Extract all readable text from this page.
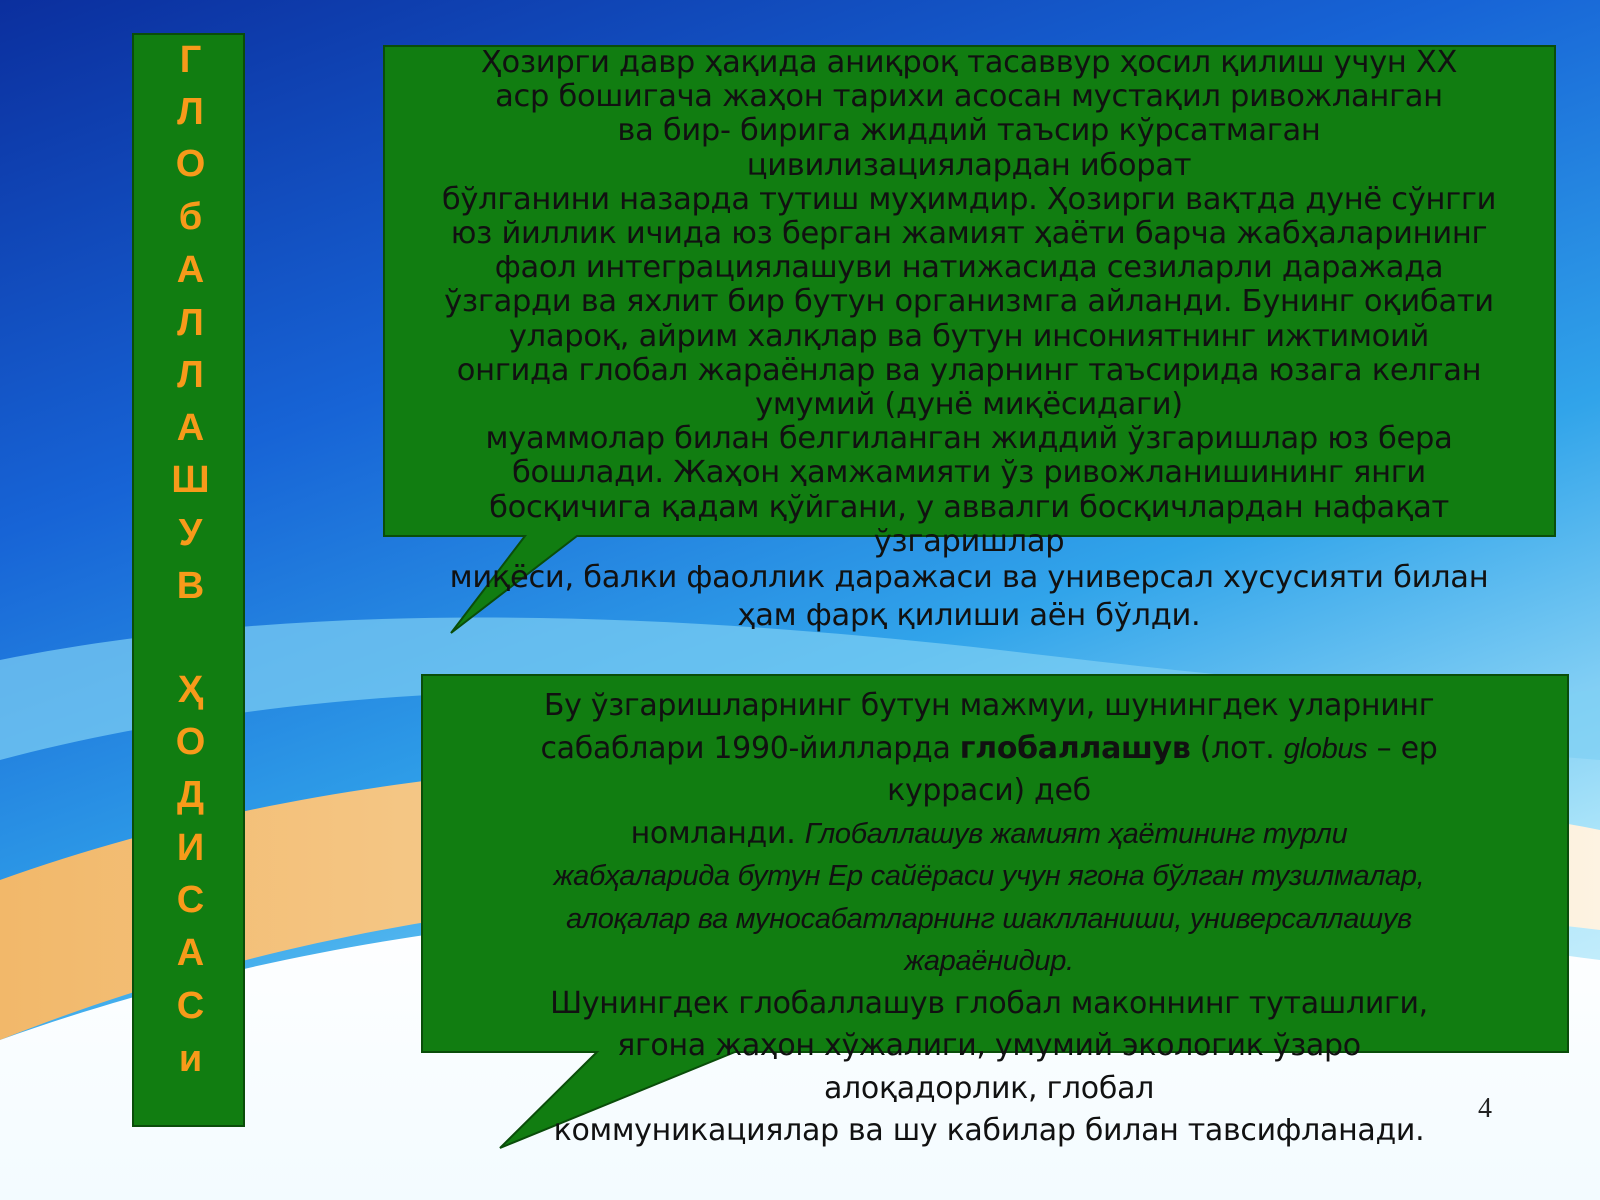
Г
Л
О
б
А
Л
Л
А
Ш
У
В
Ҳ
О
Д
И
С
А
С
и
Ҳозирги давр ҳақида аниқроқ тасаввур ҳосил қилиш учун XX
аср бошигача жаҳон тарихи асосан мустақил ривожланган
ва бир- бирига жиддий таъсир кўрсатмаган
цивилизациялардан иборат
бўлганини назарда тутиш муҳимдир. Ҳозирги вақтда дунё сўнгги
юз йиллик ичида юз берган жамият ҳаёти барча жабҳаларининг
фаол интеграциялашуви натижасида сезиларли даражада
ўзгарди ва яхлит бир бутун организмга айланди. Бунинг оқибати
уларoқ, айрим халқлар ва бутун инсониятнинг ижтимоий
онгида глобал жараёнлар ва уларнинг таъсирида юзага келган
умумий (дунё миқёсидаги)
муаммолар билан белгиланган жиддий ўзгаришлар юз бера
бошлади. Жаҳон ҳамжамияти ўз ривожланишининг янги
босқичига қадам қўйгани, у аввалги босқичлардан нафақат
ўзгаришлар
миқёси, балки фаоллик даражаси ва универсал хусусияти билан
ҳам фарқ қилиши аён бўлди.
Бу ўзгаришларнинг бутун мажмуи, шунингдек уларнинг
сабаблари 1990-йилларда глобаллашув (лот. globus – ер
курраси) деб
номланди. Глобаллашув жамият ҳаётининг турли
жабҳаларида бутун Ер сайёраси учун ягона бўлган тузилмалар,
алоқалар ва муносабатларнинг шаклланиши, универсаллашув
жараёнидир.
Шунингдек глобаллашув глобал маконнинг туташлиги,
ягона жаҳон хўжалиги, умумий экологик ўзаро
алоқадорлик, глобал
коммуникациялар ва шу кабилар билан тавсифланади.
4
